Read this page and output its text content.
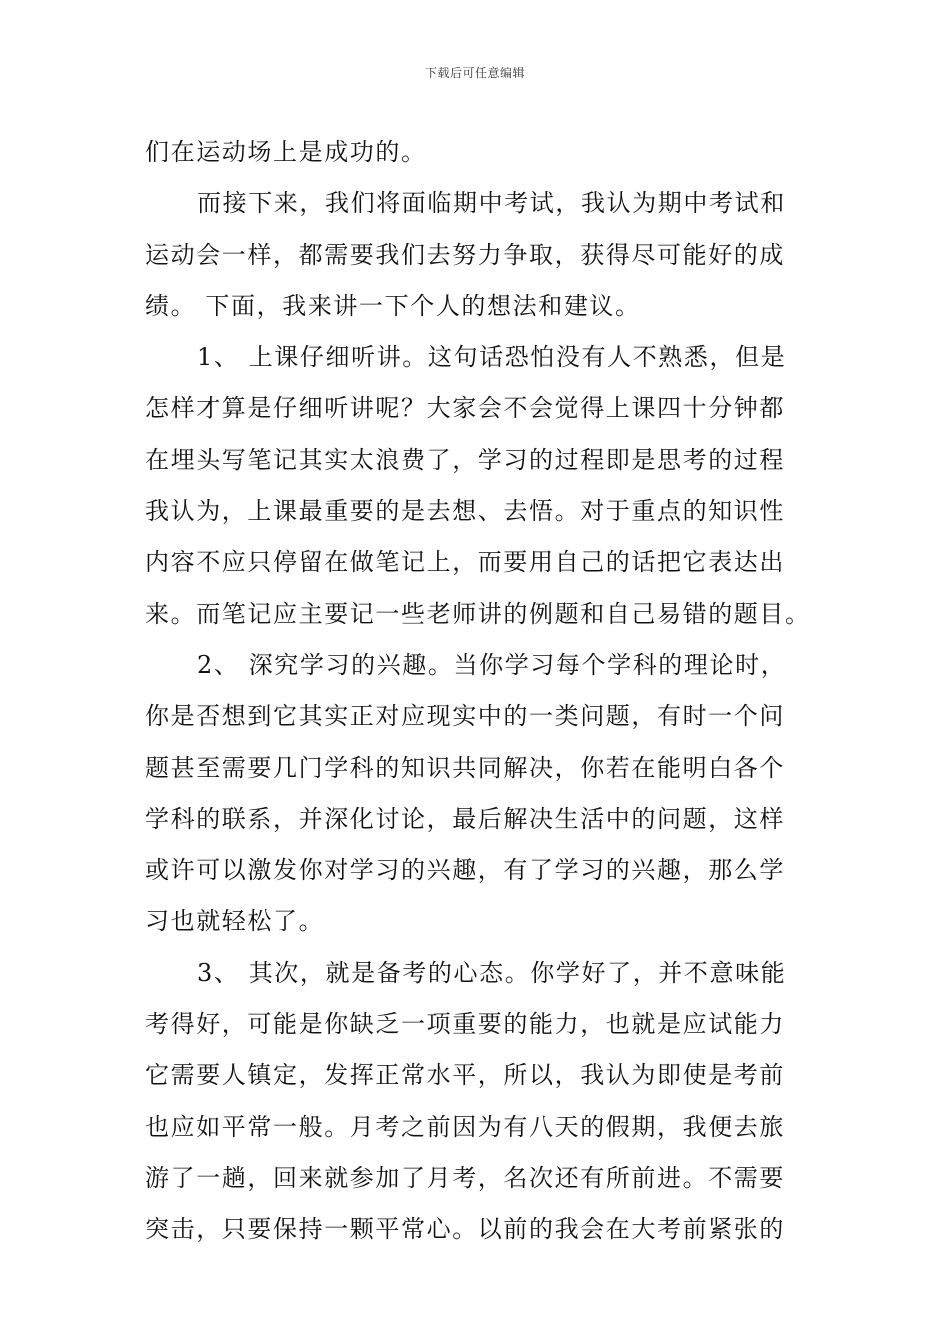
下载后可任意编辑
们在运动场上是成功的。
而接下来，我们将面临期中考试，我认为期中考试和
运动会一样，都需要我们去努力争取，获得尽可能好的成
绩。 下面，我来讲一下个人的想法和建议。
1、 上课仔细听讲。这句话恐怕没有人不熟悉，但是
怎样才算是仔细听讲呢？大家会不会觉得上课四十分钟都
在埋头写笔记其实太浪费了，学习的过程即是思考的过程
我认为，上课最重要的是去想、去悟。对于重点的知识性
内容不应只停留在做笔记上，而要用自己的话把它表达出
来。而笔记应主要记一些老师讲的例题和自己易错的题目。
2、 深究学习的兴趣。当你学习每个学科的理论时，
你是否想到它其实正对应现实中的一类问题，有时一个问
题甚至需要几门学科的知识共同解决，你若在能明白各个
学科的联系，并深化讨论，最后解决生活中的问题，这样
或许可以激发你对学习的兴趣，有了学习的兴趣，那么学
习也就轻松了。
3、 其次，就是备考的心态。你学好了，并不意味能
考得好，可能是你缺乏一项重要的能力，也就是应试能力
它需要人镇定，发挥正常水平，所以，我认为即使是考前
也应如平常一般。月考之前因为有八天的假期，我便去旅
游了一趟，回来就参加了月考，名次还有所前进。不需要
突击，只要保持一颗平常心。以前的我会在大考前紧张的
